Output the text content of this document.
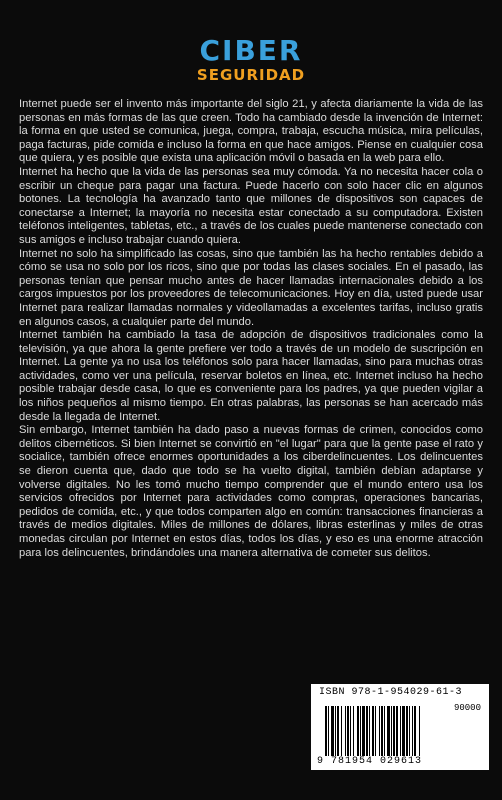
CIBER
SEGURIDAD

Internet puede ser el invento más importante del siglo 21, y afecta diariamente la vida de las personas en más formas de las que creen. Todo ha cambiado desde la invención de Internet: la forma en que usted se comunica, juega, compra, trabaja, escucha música, mira películas, paga facturas, pide comida e incluso la forma en que hace amigos. Piense en cualquier cosa que quiera, y es posible que exista una aplicación móvil o basada en la web para ello.

Internet ha hecho que la vida de las personas sea muy cómoda. Ya no necesita hacer cola o escribir un cheque para pagar una factura. Puede hacerlo con solo hacer clic en algunos botones. La tecnología ha avanzado tanto que millones de dispositivos son capaces de conectarse a Internet; la mayoría no necesita estar conectado a su computadora. Existen teléfonos inteligentes, tabletas, etc., a través de los cuales puede mantenerse conectado con sus amigos e incluso trabajar cuando quiera.

Internet no solo ha simplificado las cosas, sino que también las ha hecho rentables debido a cómo se usa no solo por los ricos, sino que por todas las clases sociales. En el pasado, las personas tenían que pensar mucho antes de hacer llamadas internacionales debido a los cargos impuestos por los proveedores de telecomunicaciones. Hoy en día, usted puede usar Internet para realizar llamadas normales y videollamadas a excelentes tarifas, incluso gratis en algunos casos, a cualquier parte del mundo.

Internet también ha cambiado la tasa de adopción de dispositivos tradicionales como la televisión, ya que ahora la gente prefiere ver todo a través de un modelo de suscripción en Internet. La gente ya no usa los teléfonos solo para hacer llamadas, sino para muchas otras actividades, como ver una película, reservar boletos en línea, etc. Internet incluso ha hecho posible trabajar desde casa, lo que es conveniente para los padres, ya que pueden vigilar a los niños pequeños al mismo tiempo. En otras palabras, las personas se han acercado más desde la llegada de Internet.

Sin embargo, Internet también ha dado paso a nuevas formas de crimen, conocidos como delitos cibernéticos. Si bien Internet se convirtió en "el lugar" para que la gente pase el rato y socialice, también ofrece enormes oportunidades a los ciberdelincuentes. Los delincuentes se dieron cuenta que, dado que todo se ha vuelto digital, también debían adaptarse y volverse digitales. No les tomó mucho tiempo comprender que el mundo entero usa los servicios ofrecidos por Internet para actividades como compras, operaciones bancarias, pedidos de comida, etc., y que todos comparten algo en común: transacciones financieras a través de medios digitales. Miles de millones de dólares, libras esterlinas y miles de otras monedas circulan por Internet en estos días, todos los días, y eso es una enorme atracción para los delincuentes, brindándoles una manera alternativa de cometer sus delitos.

ISBN 978-1-954029-61-3
90000
9 781954 029613
